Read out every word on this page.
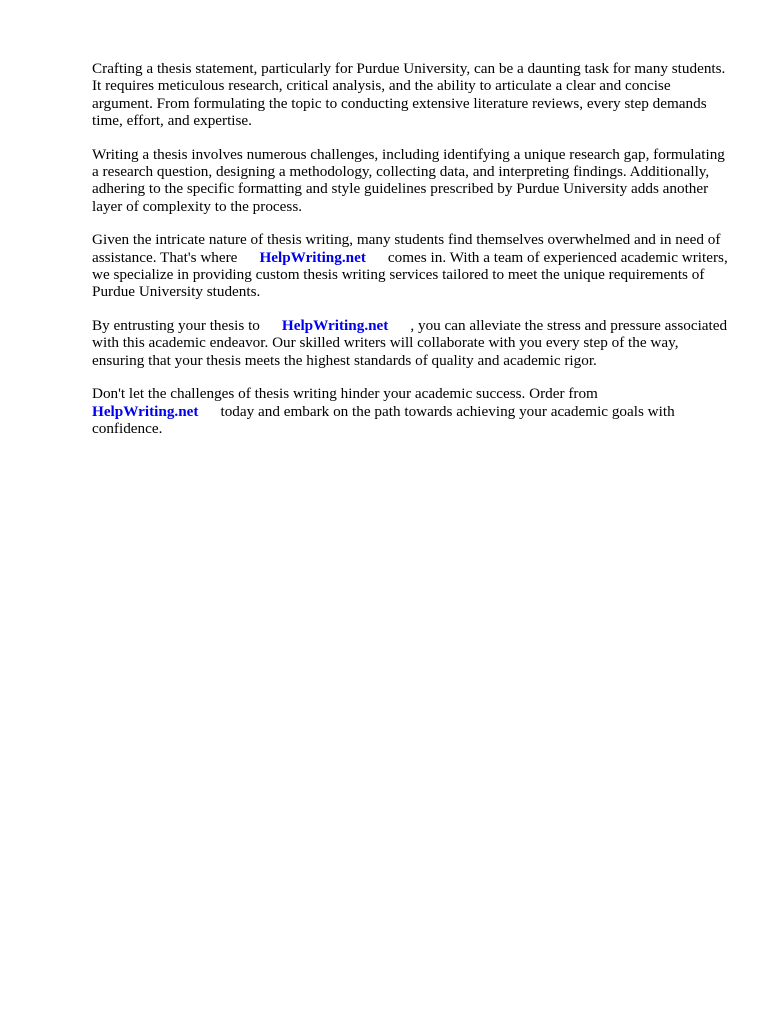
Crafting a thesis statement, particularly for Purdue University, can be a daunting task for many students. It requires meticulous research, critical analysis, and the ability to articulate a clear and concise argument. From formulating the topic to conducting extensive literature reviews, every step demands time, effort, and expertise.

Writing a thesis involves numerous challenges, including identifying a unique research gap, formulating a research question, designing a methodology, collecting data, and interpreting findings. Additionally, adhering to the specific formatting and style guidelines prescribed by Purdue University adds another layer of complexity to the process.

Given the intricate nature of thesis writing, many students find themselves overwhelmed and in need of assistance. That's where HelpWriting.net comes in. With a team of experienced academic writers, we specialize in providing custom thesis writing services tailored to meet the unique requirements of Purdue University students.

By entrusting your thesis to HelpWriting.net , you can alleviate the stress and pressure associated with this academic endeavor. Our skilled writers will collaborate with you every step of the way, ensuring that your thesis meets the highest standards of quality and academic rigor.

Don't let the challenges of thesis writing hinder your academic success. Order from HelpWriting.net today and embark on the path towards achieving your academic goals with confidence.
